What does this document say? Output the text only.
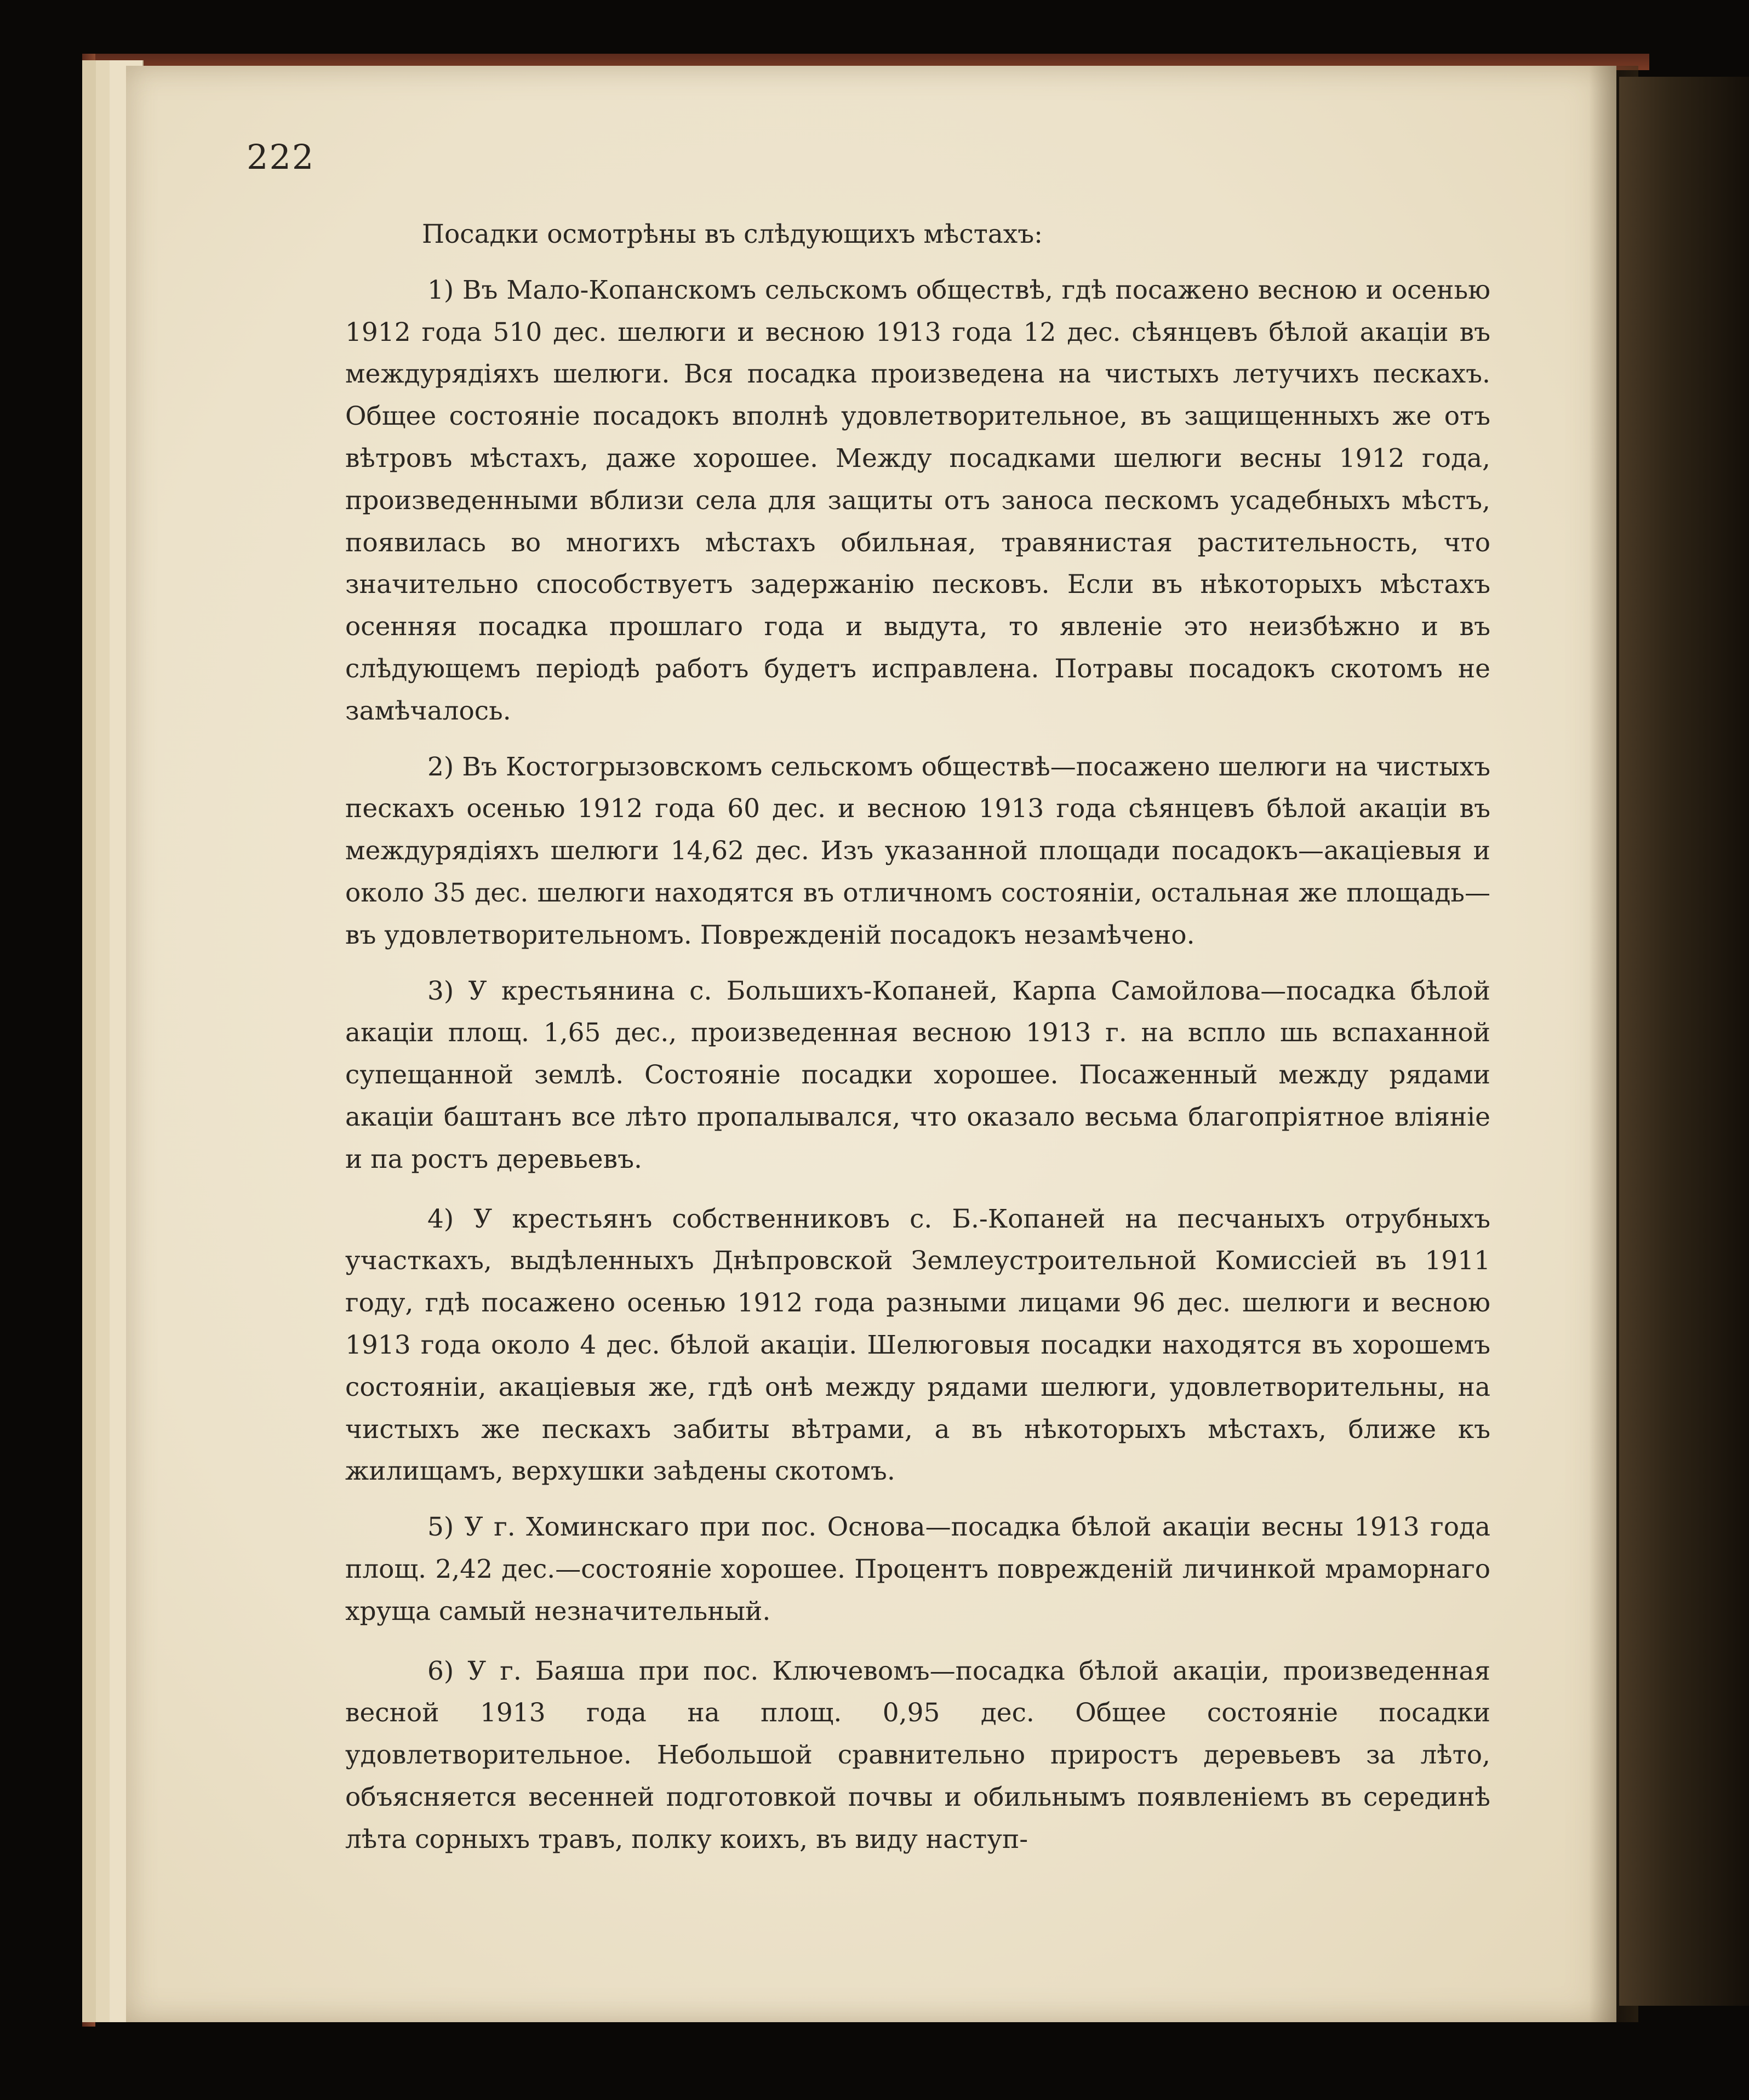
222

Посадки осмотрѣны въ слѣдующихъ мѣстахъ:

1) Въ Мало-Копанскомъ сельскомъ обществѣ, гдѣ посажено весною и осенью 1912 года 510 дес. шелюги и весною 1913 года 12 дес. сѣянцевъ бѣлой акаціи въ междурядіяхъ шелюги. Вся посадка произведена на чистыхъ летучихъ пескахъ. Общее состояніе посадокъ вполнѣ удовлетворительное, въ защищенныхъ же отъ вѣтровъ мѣстахъ, даже хорошее. Между посадками шелюги весны 1912 года, произведенными вблизи села для защиты отъ заноса пескомъ усадебныхъ мѣстъ, появилась во многихъ мѣстахъ обильная, травянистая растительность, что значительно способствуетъ задержанію песковъ. Если въ нѣкоторыхъ мѣстахъ осенняя посадка прошлаго года и выдута, то явленіе это неизбѣжно и въ слѣдующемъ періодѣ работъ будетъ исправлена. Потравы посадокъ скотомъ не замѣчалось.

2) Въ Костогрызовскомъ сельскомъ обществѣ—посажено шелюги на чистыхъ пескахъ осенью 1912 года 60 дес. и весною 1913 года сѣянцевъ бѣлой акаціи въ междурядіяхъ шелюги 14,62 дес. Изъ указанной площади посадокъ—акаціевыя и около 35 дес. шелюги находятся въ отличномъ состояніи, остальная же площадь—въ удовлетворительномъ. Поврежденій посадокъ незамѣчено.

3) У крестьянина с. Большихъ-Копаней, Карпа Самойлова—посадка бѣлой акаціи площ. 1,65 дес., произведенная весною 1913 г. на вспло шь вспаханной супещанной землѣ. Состояніе посадки хорошее. Посаженный между рядами акаціи баштанъ все лѣто пропалывался, что оказало весьма благопріятное вліяніе и па ростъ деревьевъ.

4) У крестьянъ собственниковъ с. Б.-Копаней на песчаныхъ отрубныхъ участкахъ, выдѣленныхъ Днѣпровской Землеустроительной Комиссіей въ 1911 году, гдѣ посажено осенью 1912 года разными лицами 96 дес. шелюги и весною 1913 года около 4 дес. бѣлой акаціи. Шелюговыя посадки находятся въ хорошемъ состояніи, акаціевыя же, гдѣ онѣ между рядами шелюги, удовлетворительны, на чистыхъ же пескахъ забиты вѣтрами, а въ нѣкоторыхъ мѣстахъ, ближе къ жилищамъ, верхушки заѣдены скотомъ.

5) У г. Хоминскаго при пос. Основа—посадка бѣлой акаціи весны 1913 года площ. 2,42 дес.—состояніе хорошее. Процентъ поврежденій личинкой мраморнаго хруща самый незначительный.

6) У г. Баяша при пос. Ключевомъ—посадка бѣлой акаціи, произведенная весной 1913 года на площ. 0,95 дес. Общее состояніе посадки удовлетворительное. Небольшой сравнительно приростъ деревьевъ за лѣто, объясняется весенней подготовкой почвы и обильнымъ появленіемъ въ серединѣ лѣта сорныхъ травъ, полку коихъ, въ виду наступ-
